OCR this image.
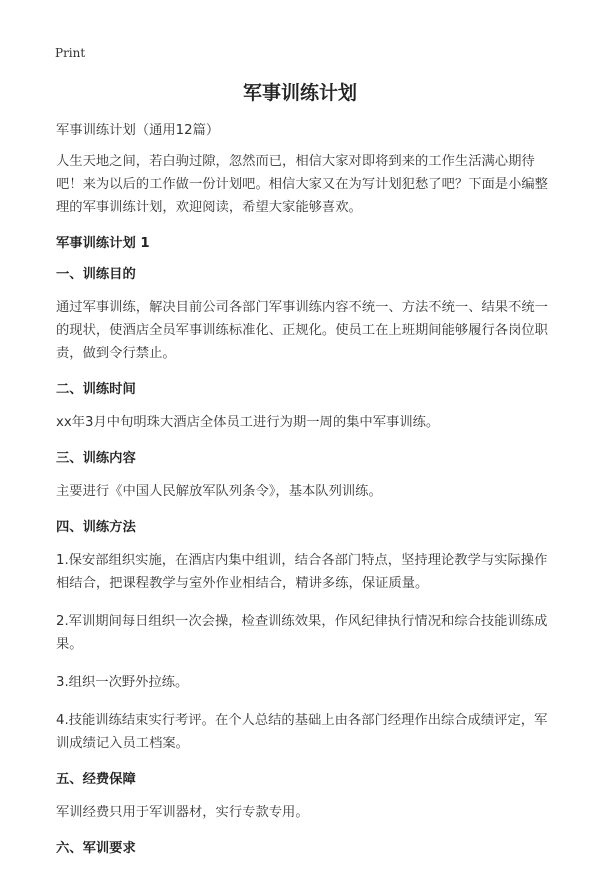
Print
军事训练计划

军事训练计划（通用12篇）

人生天地之间，若白驹过隙，忽然而已，相信大家对即将到来的工作生活满心期待吧！来为以后的工作做一份计划吧。相信大家又在为写计划犯愁了吧？下面是小编整理的军事训练计划，欢迎阅读，希望大家能够喜欢。

军事训练计划 1
一、训练目的

通过军事训练，解决目前公司各部门军事训练内容不统一、方法不统一、结果不统一的现状，使酒店全员军事训练标准化、正规化。使员工在上班期间能够履行各岗位职责，做到令行禁止。

二、训练时间

xx年3月中旬明珠大酒店全体员工进行为期一周的集中军事训练。

三、训练内容

主要进行《中国人民解放军队列条令》，基本队列训练。

四、训练方法

1.保安部组织实施，在酒店内集中组训，结合各部门特点，坚持理论教学与实际操作相结合，把课程教学与室外作业相结合，精讲多练，保证质量。

2.军训期间每日组织一次会操，检查训练效果，作风纪律执行情况和综合技能训练成果。

3.组织一次野外拉练。

4.技能训练结束实行考评。在个人总结的基础上由各部门经理作出综合成绩评定，军训成绩记入员工档案。

五、经费保障

军训经费只用于军训器材，实行专款专用。

六、军训要求
